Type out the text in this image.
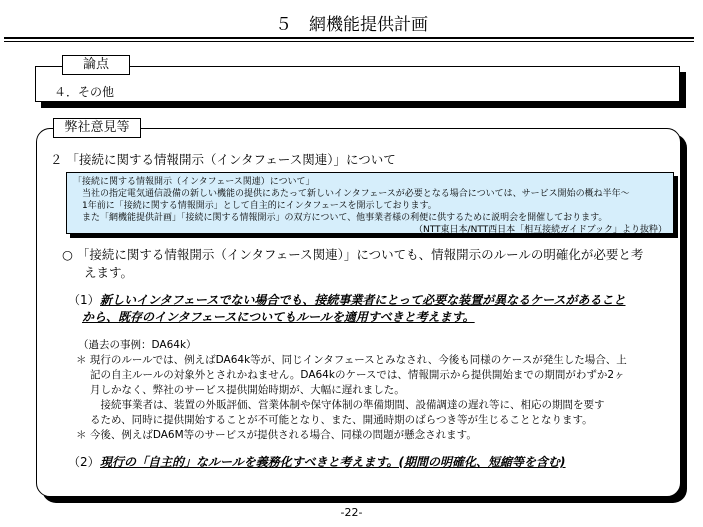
５　網機能提供計画
４．その他
論点
弊社意見等
２ 「接続に関する情報開示（インタフェース関連）」について
「接続に関する情報開示（インタフェース関連）について」
　当社の指定電気通信設備の新しい機能の提供にあたって新しいインタフェースが必要となる場合については、サービス開始の概ね半年～
　1年前に「接続に関する情報開示」として自主的にインタフェースを開示しております。
　また「網機能提供計画」「接続に関する情報開示」の双方について、他事業者様の利便に供するために説明会を開催しております。
（NTT東日本/NTT西日本「相互接続ガイドブック」より抜粋）
○ 「接続に関する情報開示（インタフェース関連）」についても、情報開示のルールの明確化が必要と考
えます。
（1） 新しいインタフェースでない場合でも、接続事業者にとって必要な装置が異なるケースがあること
から、既存のインタフェースについてもルールを適用すべきと考えます。
（過去の事例：DA64k）
＊ 現行のルールでは、例えばDA64k等が、同じインタフェースとみなされ、今後も同様のケースが発生した場合、上
記の自主ルールの対象外とされかねません。DA64kのケースでは、情報開示から提供開始までの期間がわずか2ヶ
月しかなく、弊社のサービス提供開始時期が、大幅に遅れました。
　接続事業者は、装置の外販評価、営業体制や保守体制の準備期間、設備調達の遅れ等に、相応の期間を要す
るため、同時に提供開始することが不可能となり、また、開通時期のばらつき等が生じることとなります。
＊ 今後、例えばDA6M等のサービスが提供される場合、同様の問題が懸念されます。
（2） 現行の「自主的」なルールを義務化すべきと考えます。(期間の明確化、短縮等を含む)
-22-
